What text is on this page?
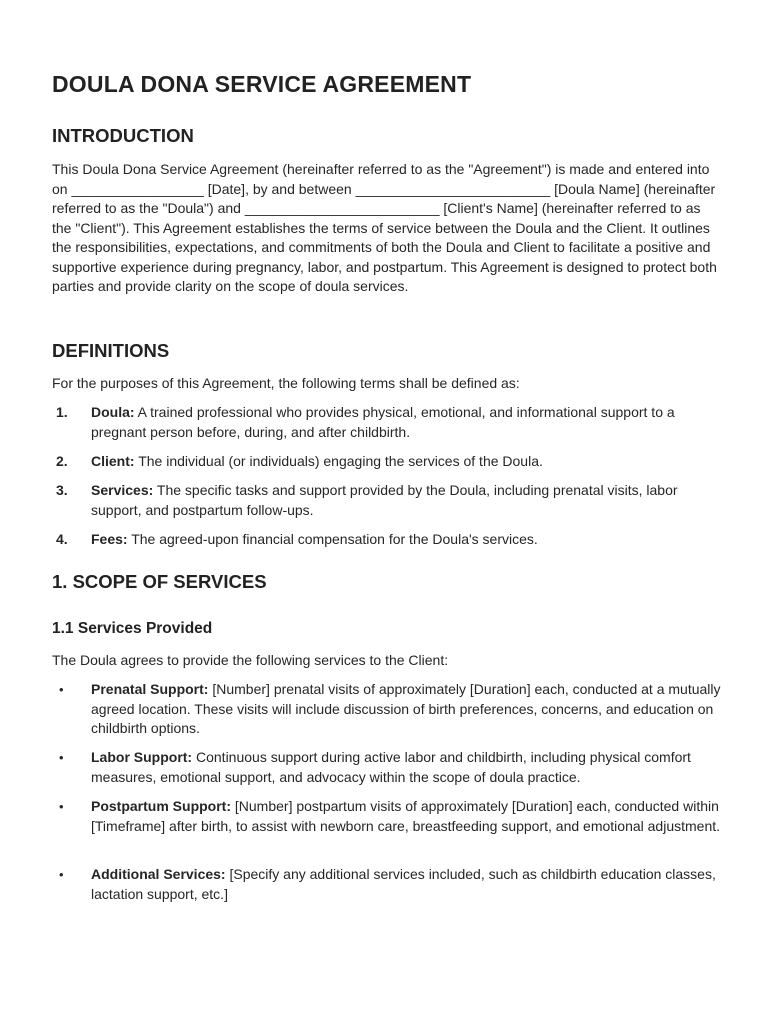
DOULA DONA SERVICE AGREEMENT
INTRODUCTION

This Doula Dona Service Agreement (hereinafter referred to as the "Agreement") is made and entered into on _________________ [Date], by and between _________________________ [Doula Name] (hereinafter referred to as the "Doula") and _________________________ [Client's Name] (hereinafter referred to as the "Client"). This Agreement establishes the terms of service between the Doula and the Client. It outlines the responsibilities, expectations, and commitments of both the Doula and Client to facilitate a positive and supportive experience during pregnancy, labor, and postpartum. This Agreement is designed to protect both parties and provide clarity on the scope of doula services.

DEFINITIONS

For the purposes of this Agreement, the following terms shall be defined as:

1. Doula: A trained professional who provides physical, emotional, and informational support to a pregnant person before, during, and after childbirth.
2. Client: The individual (or individuals) engaging the services of the Doula.
3. Services: The specific tasks and support provided by the Doula, including prenatal visits, labor support, and postpartum follow-ups.
4. Fees: The agreed-upon financial compensation for the Doula's services.
1. SCOPE OF SERVICES
1.1 Services Provided

The Doula agrees to provide the following services to the Client:

• Prenatal Support: [Number] prenatal visits of approximately [Duration] each, conducted at a mutually agreed location. These visits will include discussion of birth preferences, concerns, and education on childbirth options.
• Labor Support: Continuous support during active labor and childbirth, including physical comfort measures, emotional support, and advocacy within the scope of doula practice.
• Postpartum Support: [Number] postpartum visits of approximately [Duration] each, conducted within [Timeframe] after birth, to assist with newborn care, breastfeeding support, and emotional adjustment.
• Additional Services: [Specify any additional services included, such as childbirth education classes, lactation support, etc.]
